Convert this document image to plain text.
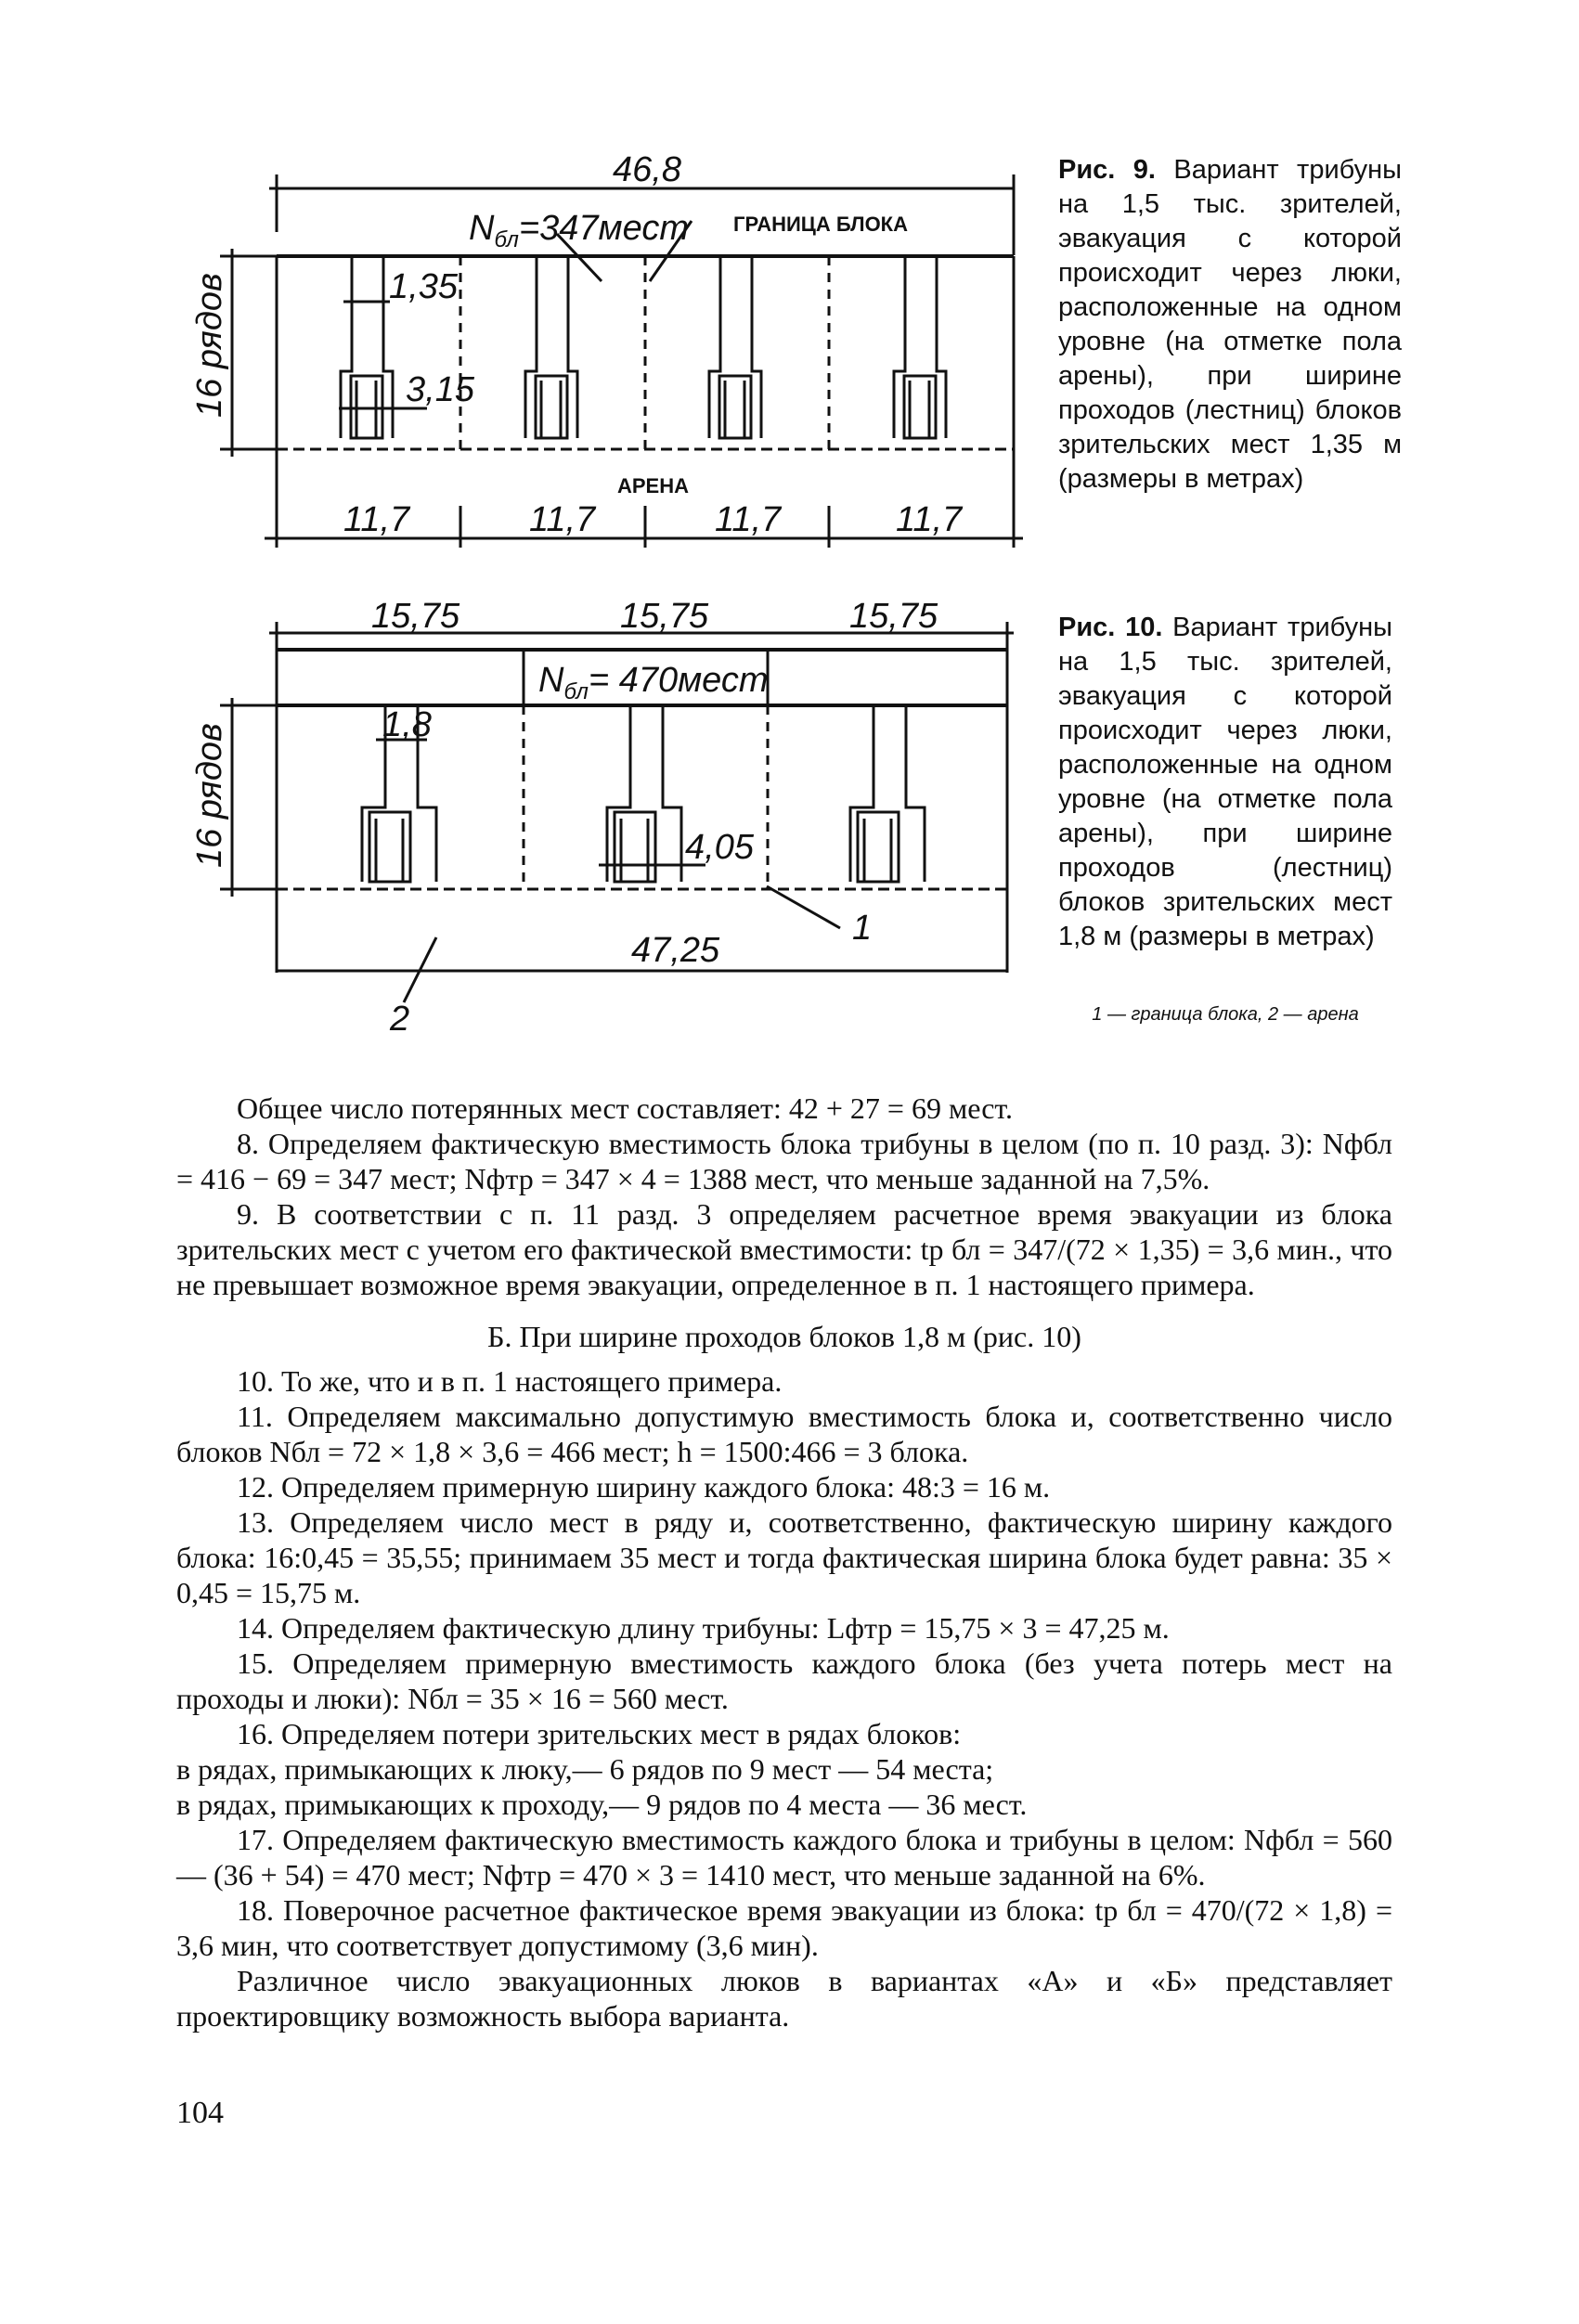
46,8
$N_{бл}=347мест$ ГРАНИЦА БЛОКА
1,35
3,15
16 рядов
АРЕНА
11,7	11,7	11,7	11,7
Рис. 9. Вариант трибуны на 1,5 тыс. зрителей, эвакуация с которой происходит через люки, расположенные на одном уровне (на отметке пола арены), при ширине проходов (лестниц) блоков зрительских мест 1,35 м (размеры в метрах)
15,75	15,75	15,75
$N_{бл}=$ 470мест
1,8
4,05
16 рядов
47,25
1
2
Рис. 10. Вариант трибуны на 1,5 тыс. зрителей, эвакуация с которой происходит через люки, расположенные на одном уровне (на отметке пола арены), при ширине проходов (лестниц) блоков зрительских мест 1,8 м (размеры в метрах)
1 — граница блока, 2 — арена

Общее число потерянных мест составляет: 42 + 27 = 69 мест.

8. Определяем фактическую вместимость блока трибуны в целом (по п. 10 разд. 3): Nфбл = 416 − 69 = 347 мест; Nфтр = 347 × 4 = 1388 мест, что меньше заданной на 7,5%.

9. В соответствии с п. 11 разд. 3 определяем расчетное время эвакуации из блока зрительских мест с учетом его фактической вместимости: tр бл = 347/(72 × 1,35) = 3,6 мин., что не превышает возможное время эвакуации, определенное в п. 1 настоящего примера.

Б. При ширине проходов блоков 1,8 м (рис. 10)

10. То же, что и в п. 1 настоящего примера.

11. Определяем максимально допустимую вместимость блока и, соответственно число блоков Nбл = 72 × 1,8 × 3,6 = 466 мест; h = 1500:466 = 3 блока.

12. Определяем примерную ширину каждого блока: 48:3 = 16 м.

13. Определяем число мест в ряду и, соответственно, фактическую ширину каждого блока: 16:0,45 = 35,55; принимаем 35 мест и тогда фактическая ширина блока будет равна: 35 × 0,45 = 15,75 м.

14. Определяем фактическую длину трибуны: Lфтр = 15,75 × 3 = 47,25 м.

15. Определяем примерную вместимость каждого блока (без учета потерь мест на проходы и люки): Nбл = 35 × 16 = 560 мест.

16. Определяем потери зрительских мест в рядах блоков:

в рядах, примыкающих к люку,— 6 рядов по 9 мест — 54 места;

в рядах, примыкающих к проходу,— 9 рядов по 4 места — 36 мест.

17. Определяем фактическую вместимость каждого блока и трибуны в целом: Nфбл = 560 — (36 + 54) = 470 мест; Nфтр = 470 × 3 = 1410 мест, что меньше заданной на 6%.

18. Поверочное расчетное фактическое время эвакуации из блока: tр бл = 470/(72 × 1,8) = 3,6 мин, что соответствует допустимому (3,6 мин).

Различное число эвакуационных люков в вариантах «А» и «Б» представляет проектировщику возможность выбора варианта.

104
